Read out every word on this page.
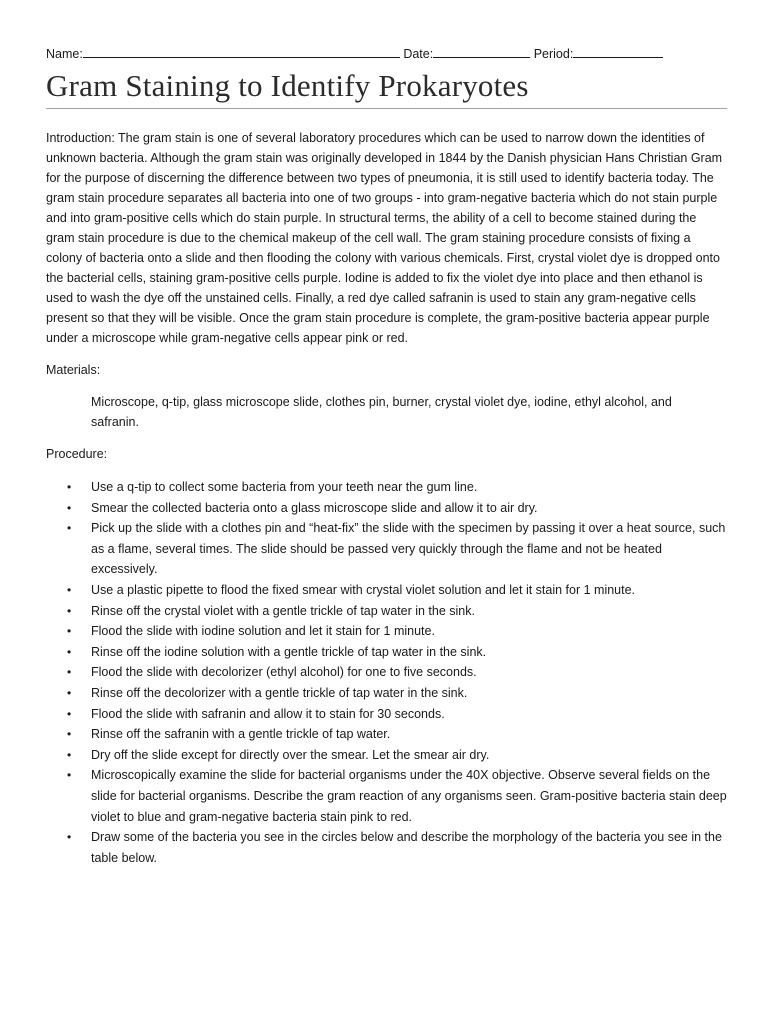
Name:	Date:	Period:
Gram Staining to Identify Prokaryotes
Introduction: The gram stain is one of several laboratory procedures which can be used to narrow down the identities of unknown bacteria. Although the gram stain was originally developed in 1844 by the Danish physician Hans Christian Gram for the purpose of discerning the difference between two types of pneumonia, it is still used to identify bacteria today. The gram stain procedure separates all bacteria into one of two groups - into gram-negative bacteria which do not stain purple and into gram-positive cells which do stain purple. In structural terms, the ability of a cell to become stained during the gram stain procedure is due to the chemical makeup of the cell wall. The gram staining procedure consists of fixing a colony of bacteria onto a slide and then flooding the colony with various chemicals. First, crystal violet dye is dropped onto the bacterial cells, staining gram-positive cells purple. Iodine is added to fix the violet dye into place and then ethanol is used to wash the dye off the unstained cells. Finally, a red dye called safranin is used to stain any gram-negative cells present so that they will be visible. Once the gram stain procedure is complete, the gram-positive bacteria appear purple under a microscope while gram-negative cells appear pink or red.
Materials:
Microscope, q-tip, glass microscope slide, clothes pin, burner, crystal violet dye, iodine, ethyl alcohol, and safranin.
Procedure:
• Use a q-tip to collect some bacteria from your teeth near the gum line.
• Smear the collected bacteria onto a glass microscope slide and allow it to air dry.
• Pick up the slide with a clothes pin and “heat-fix” the slide with the specimen by passing it over a heat source, such as a flame, several times. The slide should be passed very quickly through the flame and not be heated excessively.
• Use a plastic pipette to flood the fixed smear with crystal violet solution and let it stain for 1 minute.
• Rinse off the crystal violet with a gentle trickle of tap water in the sink.
• Flood the slide with iodine solution and let it stain for 1 minute.
• Rinse off the iodine solution with a gentle trickle of tap water in the sink.
• Flood the slide with decolorizer (ethyl alcohol) for one to five seconds.
• Rinse off the decolorizer with a gentle trickle of tap water in the sink.
• Flood the slide with safranin and allow it to stain for 30 seconds.
• Rinse off the safranin with a gentle trickle of tap water.
• Dry off the slide except for directly over the smear. Let the smear air dry.
• Microscopically examine the slide for bacterial organisms under the 40X objective. Observe several fields on the slide for bacterial organisms. Describe the gram reaction of any organisms seen. Gram-positive bacteria stain deep violet to blue and gram-negative bacteria stain pink to red.
• Draw some of the bacteria you see in the circles below and describe the morphology of the bacteria you see in the table below.
